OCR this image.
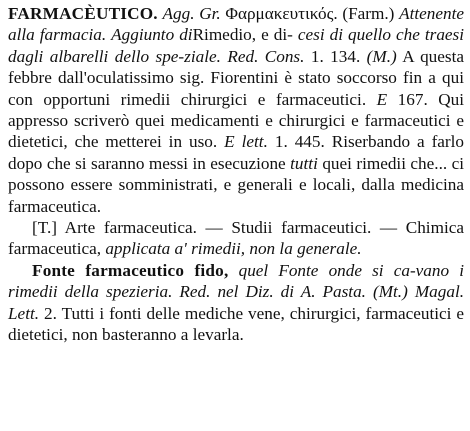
FARMACÈUTICO. Agg. Gr. Φαρμακευτικός. (Farm.) Attenente alla farmacia. Aggiunto diRimedio, e di- cesi di quello che traesi dagli albarelli dello spe-ziale. Red. Cons. 1. 134. (M.) A questa febbre dall'oculatissimo sig. Fiorentini è stato soccorso fin a qui con opportuni rimedii chirurgici e farmaceutici. E 167. Qui appresso scriverò quei medicamenti e chirurgici e farmaceutici e dietetici, che metterei in uso. E lett. 1. 445. Riserbando a farlo dopo che si saranno messi in esecuzione tutti quei rimedii che... ci possono essere somministrati, e generali e locali, dalla medicina farmaceutica.

[T.] Arte farmaceutica. — Studii farmaceutici. — Chimica farmaceutica, applicata a' rimedii, non la generale.

Fonte farmaceutico fido, quel Fonte onde si ca-vano i rimedii della spezieria. Red. nel Diz. di A. Pasta. (Mt.) Magal. Lett. 2. Tutti i fonti delle mediche vene, chirurgici, farmaceutici e dietetici, non basteranno a levarla.
